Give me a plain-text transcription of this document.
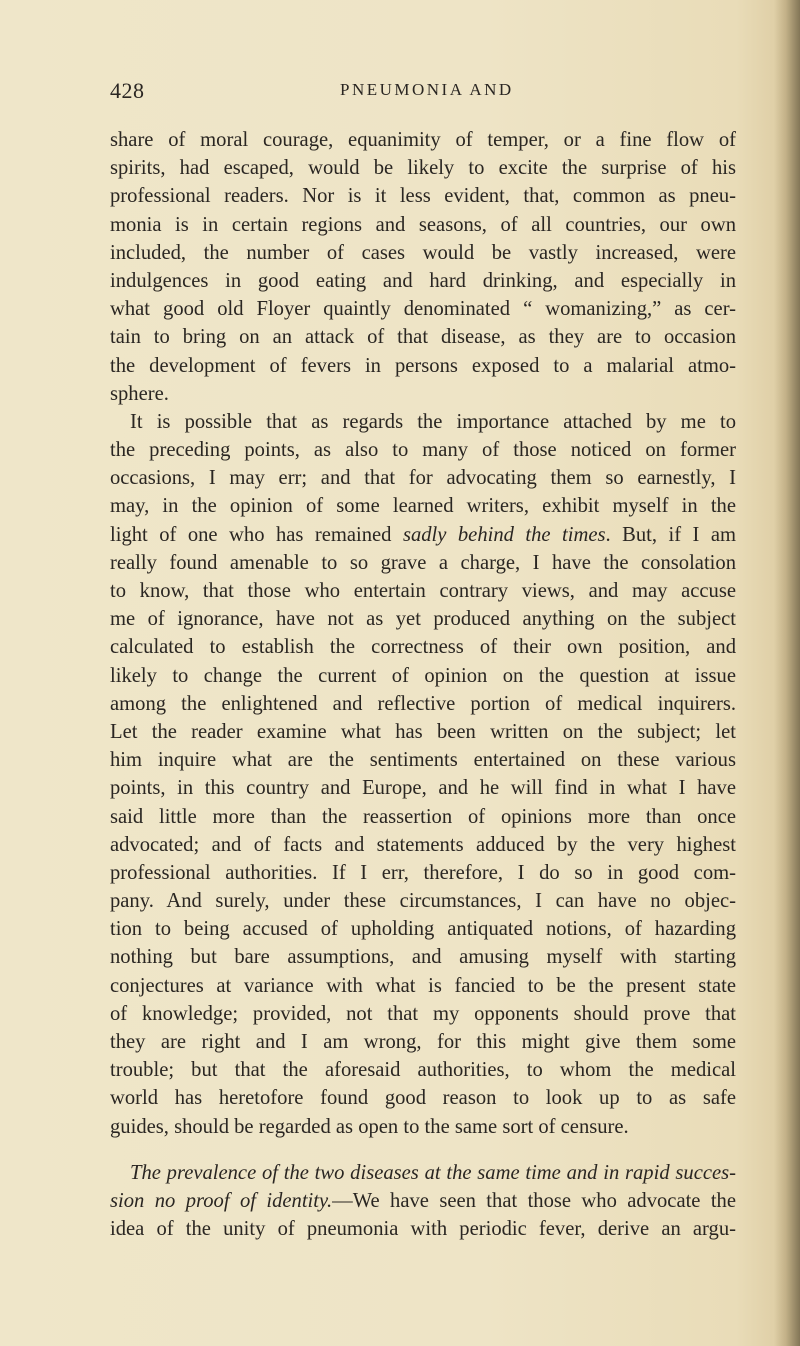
428	PNEUMONIA AND
share of moral courage, equanimity of temper, or a fine flow of
spirits, had escaped, would be likely to excite the surprise of his
professional readers. Nor is it less evident, that, common as pneu-
monia is in certain regions and seasons, of all countries, our own
included, the number of cases would be vastly increased, were
indulgences in good eating and hard drinking, and especially in
what good old Floyer quaintly denominated “ womanizing,” as cer-
tain to bring on an attack of that disease, as they are to occasion
the development of fevers in persons exposed to a malarial atmo-
sphere.
It is possible that as regards the importance attached by me to
the preceding points, as also to many of those noticed on former
occasions, I may err; and that for advocating them so earnestly, I
may, in the opinion of some learned writers, exhibit myself in the
light of one who has remained sadly behind the times. But, if I am
really found amenable to so grave a charge, I have the consolation
to know, that those who entertain contrary views, and may accuse
me of ignorance, have not as yet produced anything on the subject
calculated to establish the correctness of their own position, and
likely to change the current of opinion on the question at issue
among the enlightened and reflective portion of medical inquirers.
Let the reader examine what has been written on the subject; let
him inquire what are the sentiments entertained on these various
points, in this country and Europe, and he will find in what I have
said little more than the reassertion of opinions more than once
advocated; and of facts and statements adduced by the very highest
professional authorities. If I err, therefore, I do so in good com-
pany. And surely, under these circumstances, I can have no objec-
tion to being accused of upholding antiquated notions, of hazarding
nothing but bare assumptions, and amusing myself with starting
conjectures at variance with what is fancied to be the present state
of knowledge; provided, not that my opponents should prove that
they are right and I am wrong, for this might give them some
trouble; but that the aforesaid authorities, to whom the medical
world has heretofore found good reason to look up to as safe
guides, should be regarded as open to the same sort of censure.
The prevalence of the two diseases at the same time and in rapid succes-
sion no proof of identity.—We have seen that those who advocate the
idea of the unity of pneumonia with periodic fever, derive an argu-
